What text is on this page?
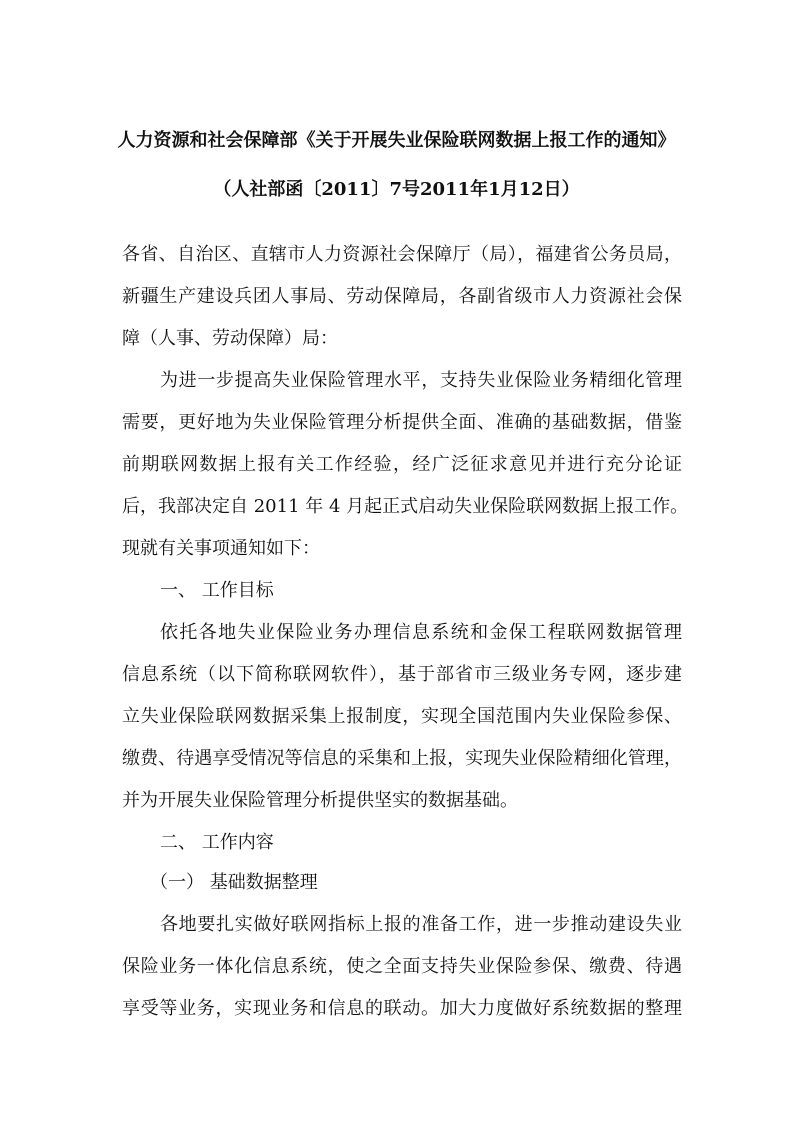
人力资源和社会保障部《关于开展失业保险联网数据上报工作的通知》
（人社部函〔2011〕7号2011年1月12日）
各省、自治区、直辖市人力资源社会保障厅（局），福建省公务员局，
新疆生产建设兵团人事局、劳动保障局，各副省级市人力资源社会保
障（人事、劳动保障）局：
为进一步提高失业保险管理水平，支持失业保险业务精细化管理
需要，更好地为失业保险管理分析提供全面、准确的基础数据，借鉴
前期联网数据上报有关工作经验，经广泛征求意见并进行充分论证
后，我部决定自 2011 年 4 月起正式启动失业保险联网数据上报工作。
现就有关事项通知如下：
一、 工作目标
依托各地失业保险业务办理信息系统和金保工程联网数据管理
信息系统（以下简称联网软件），基于部省市三级业务专网，逐步建
立失业保险联网数据采集上报制度，实现全国范围内失业保险参保、
缴费、待遇享受情况等信息的采集和上报，实现失业保险精细化管理，
并为开展失业保险管理分析提供坚实的数据基础。
二、 工作内容
（一） 基础数据整理
各地要扎实做好联网指标上报的准备工作，进一步推动建设失业
保险业务一体化信息系统，使之全面支持失业保险参保、缴费、待遇
享受等业务，实现业务和信息的联动。加大力度做好系统数据的整理
